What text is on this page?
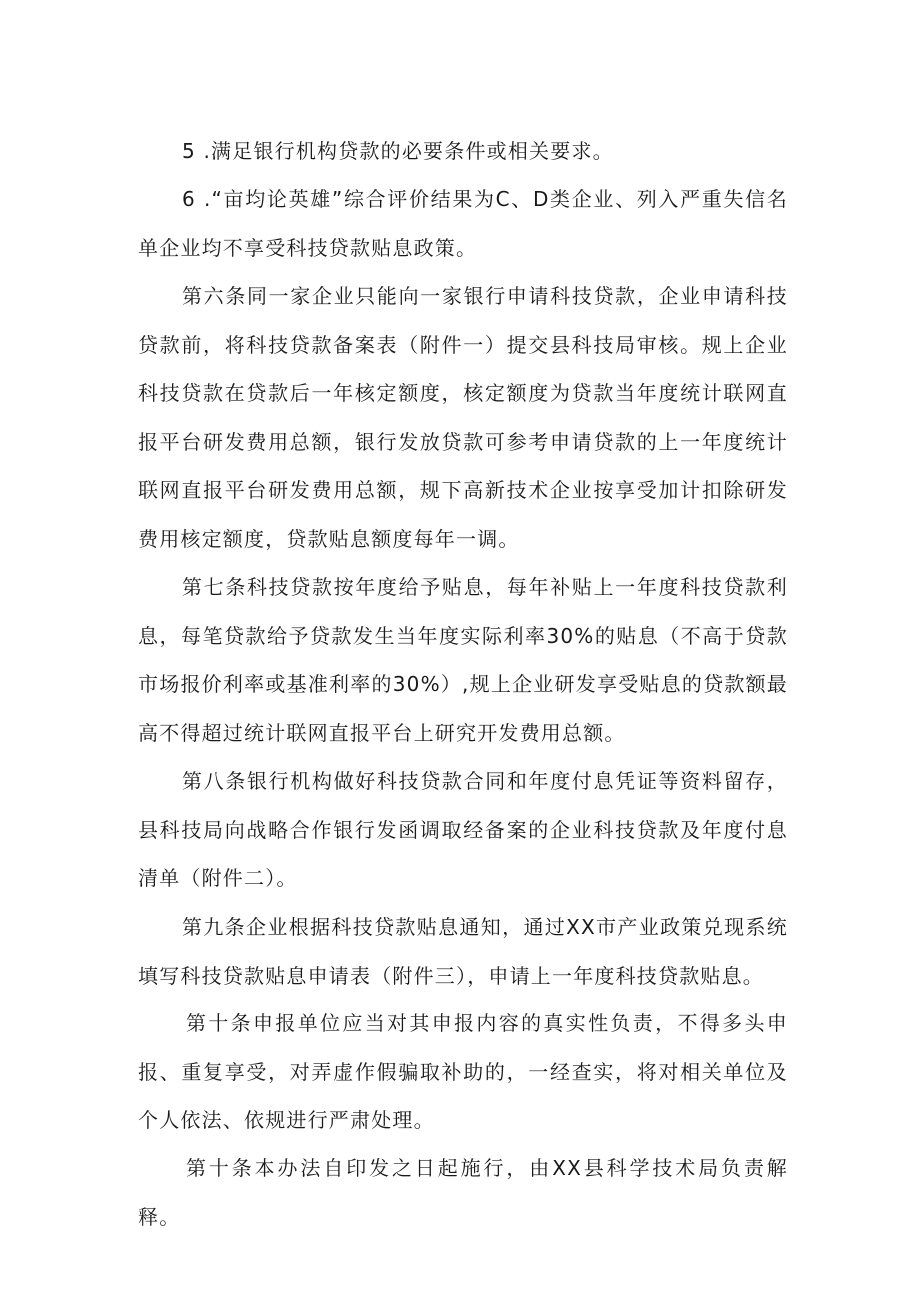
5 .满足银行机构贷款的必要条件或相关要求。

6 .“亩均论英雄”综合评价结果为C、D类企业、列入严重失信名单企业均不享受科技贷款贴息政策。

第六条同一家企业只能向一家银行申请科技贷款，企业申请科技贷款前，将科技贷款备案表（附件一）提交县科技局审核。规上企业科技贷款在贷款后一年核定额度，核定额度为贷款当年度统计联网直报平台研发费用总额，银行发放贷款可参考申请贷款的上一年度统计联网直报平台研发费用总额，规下高新技术企业按享受加计扣除研发费用核定额度，贷款贴息额度每年一调。

第七条科技贷款按年度给予贴息，每年补贴上一年度科技贷款利息，每笔贷款给予贷款发生当年度实际利率30%的贴息（不高于贷款市场报价利率或基准利率的30%）,规上企业研发享受贴息的贷款额最高不得超过统计联网直报平台上研究开发费用总额。

第八条银行机构做好科技贷款合同和年度付息凭证等资料留存，县科技局向战略合作银行发函调取经备案的企业科技贷款及年度付息清单（附件二）。

第九条企业根据科技贷款贴息通知，通过XX市产业政策兑现系统填写科技贷款贴息申请表（附件三），申请上一年度科技贷款贴息。

第十条申报单位应当对其申报内容的真实性负责，不得多头申报、重复享受，对弄虚作假骗取补助的，一经查实，将对相关单位及个人依法、依规进行严肃处理。

第十条本办法自印发之日起施行，由XX县科学技术局负责解释。
